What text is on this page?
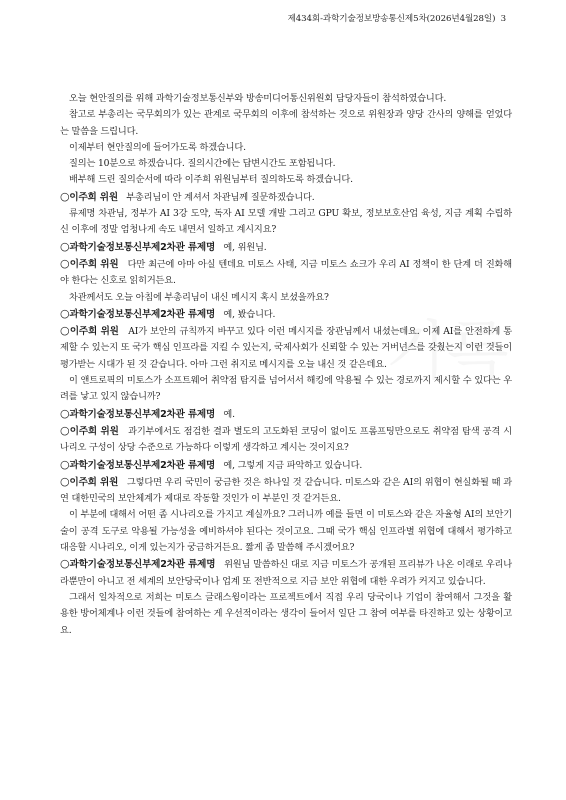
제434회-과학기술정보방송통신제5차(2026년4월28일) 3

오늘 현안질의를 위해 과학기술정보통신부와 방송미디어통신위원회 담당자들이 참석하였습니다.

참고로 부총리는 국무회의가 있는 관계로 국무회의 이후에 참석하는 것으로 위원장과 양당 간사의 양해를 얻었다는 말씀을 드립니다.

이제부터 현안질의에 들어가도록 하겠습니다.

질의는 10분으로 하겠습니다. 질의시간에는 답변시간도 포함됩니다.

배부해 드린 질의순서에 따라 이주희 위원님부터 질의하도록 하겠습니다.

○이주희 위원 부총리님이 안 계셔서 차관님께 질문하겠습니다.

류제명 차관님, 정부가 AI 3강 도약, 독자 AI 모델 개발 그리고 GPU 확보, 정보보호산업 육성, 지금 계획 수립하신 이후에 정말 엄청나게 속도 내면서 일하고 계시지요?

○과학기술정보통신부제2차관 류제명 예, 위원님.

○이주희 위원 다만 최근에 아마 아실 텐데요 미토스 사태, 지금 미토스 쇼크가 우리 AI 정책이 한 단계 더 진화해야 한다는 신호로 읽히거든요.

차관께서도 오늘 아침에 부총리님이 내신 메시지 혹시 보셨을까요?

○과학기술정보통신부제2차관 류제명 예, 봤습니다.

○이주희 위원 AI가 보안의 규칙까지 바꾸고 있다 이런 메시지를 장관님께서 내셨는데요. 이제 AI를 안전하게 통제할 수 있는지 또 국가 핵심 인프라를 지킬 수 있는지, 국제사회가 신뢰할 수 있는 거버넌스를 갖췄는지 이런 것들이 평가받는 시대가 된 것 같습니다. 아마 그런 취지로 메시지를 오늘 내신 것 같은데요.

이 앤트로픽의 미토스가 소프트웨어 취약점 탐지를 넘어서서 해킹에 악용될 수 있는 경로까지 제시할 수 있다는 우려를 낳고 있지 않습니까?

○과학기술정보통신부제2차관 류제명 예.

○이주희 위원 과기부에서도 점검한 결과 별도의 고도화된 코딩이 없이도 프롬프팅만으로도 취약점 탐색 공격 시나리오 구성이 상당 수준으로 가능하다 이렇게 생각하고 계시는 것이지요?

○과학기술정보통신부제2차관 류제명 예, 그렇게 지금 파악하고 있습니다.

○이주희 위원 그렇다면 우리 국민이 궁금한 것은 하나일 것 같습니다. 미토스와 같은 AI의 위협이 현실화될 때 과연 대한민국의 보안체계가 제대로 작동할 것인가 이 부분인 것 같거든요.

이 부분에 대해서 어떤 좀 시나리오를 가지고 계실까요? 그러니까 예를 들면 이 미토스와 같은 자율형 AI의 보안기술이 공격 도구로 악용될 가능성을 예비하셔야 된다는 것이고요. 그때 국가 핵심 인프라별 위협에 대해서 평가하고 대응할 시나리오, 이게 있는지가 궁금하거든요. 짧게 좀 말씀해 주시겠어요?

○과학기술정보통신부제2차관 류제명 위원님 말씀하신 대로 지금 미토스가 공개된 프리뷰가 나온 이래로 우리나라뿐만이 아니고 전 세계의 보안당국이나 업계 또 전반적으로 지금 보안 위협에 대한 우려가 커지고 있습니다.

그래서 일차적으로 저희는 미토스 글래스윙이라는 프로젝트에서 직접 우리 당국이나 기업이 참여해서 그것을 활용한 방어체계나 이런 것들에 참여하는 게 우선적이라는 생각이 들어서 일단 그 참여 여부를 타진하고 있는 상황이고요.
